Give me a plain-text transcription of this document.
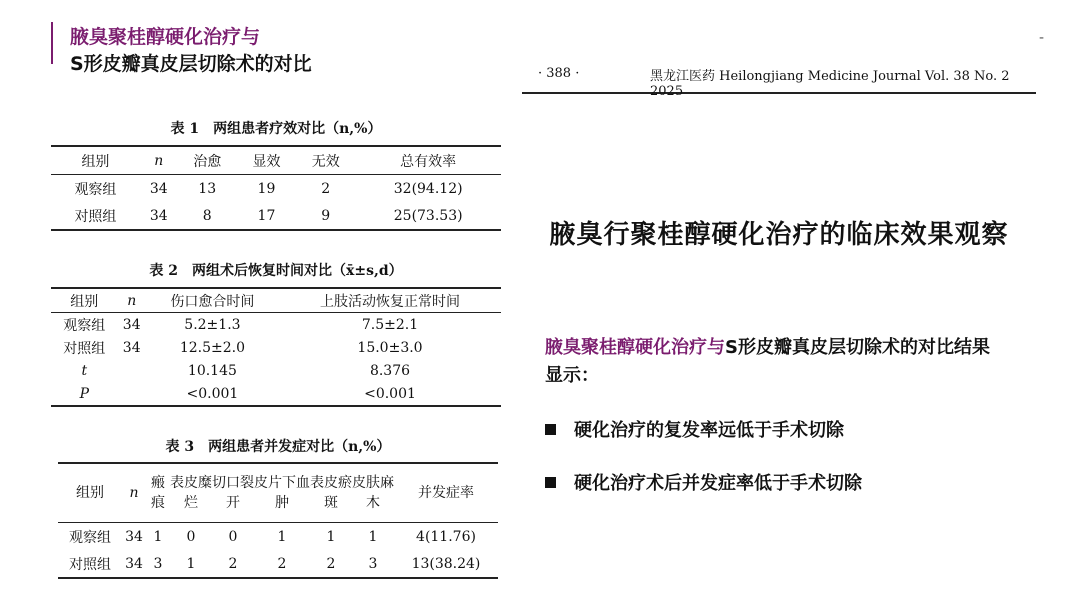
腋臭聚桂醇硬化治疗与
S形皮瓣真皮层切除术的对比
-
· 388 ·	黑龙江医药 Heilongjiang Medicine Journal Vol. 38 No. 2 2025
表 1　两组患者疗效对比（n,%）
组别	n	治愈	显效	无效	总有效率
观察组	34	13	19	2	32(94.12)
对照组	34	8	17	9	25(73.53)
表 2　两组术后恢复时间对比（x̄±s,d）
组别	n	伤口愈合时间	上肢活动恢复正常时间
观察组	34	5.2±1.3	7.5±2.1
对照组	34	12.5±2.0	15.0±3.0
t		10.145	8.376
P		<0.001	<0.001
表 3　两组患者并发症对比（n,%）
组别	n	瘢痕	表皮糜烂	切口裂开	皮片下血肿	表皮瘀斑	皮肤麻木	并发症率
观察组	34	1	0	0	1	1	1	4(11.76)
对照组	34	3	1	2	2	2	3	13(38.24)
腋臭行聚桂醇硬化治疗的临床效果观察
腋臭聚桂醇硬化治疗与S形皮瓣真皮层切除术的对比结果显示：
硬化治疗的复发率远低于手术切除
硬化治疗术后并发症率低于手术切除
